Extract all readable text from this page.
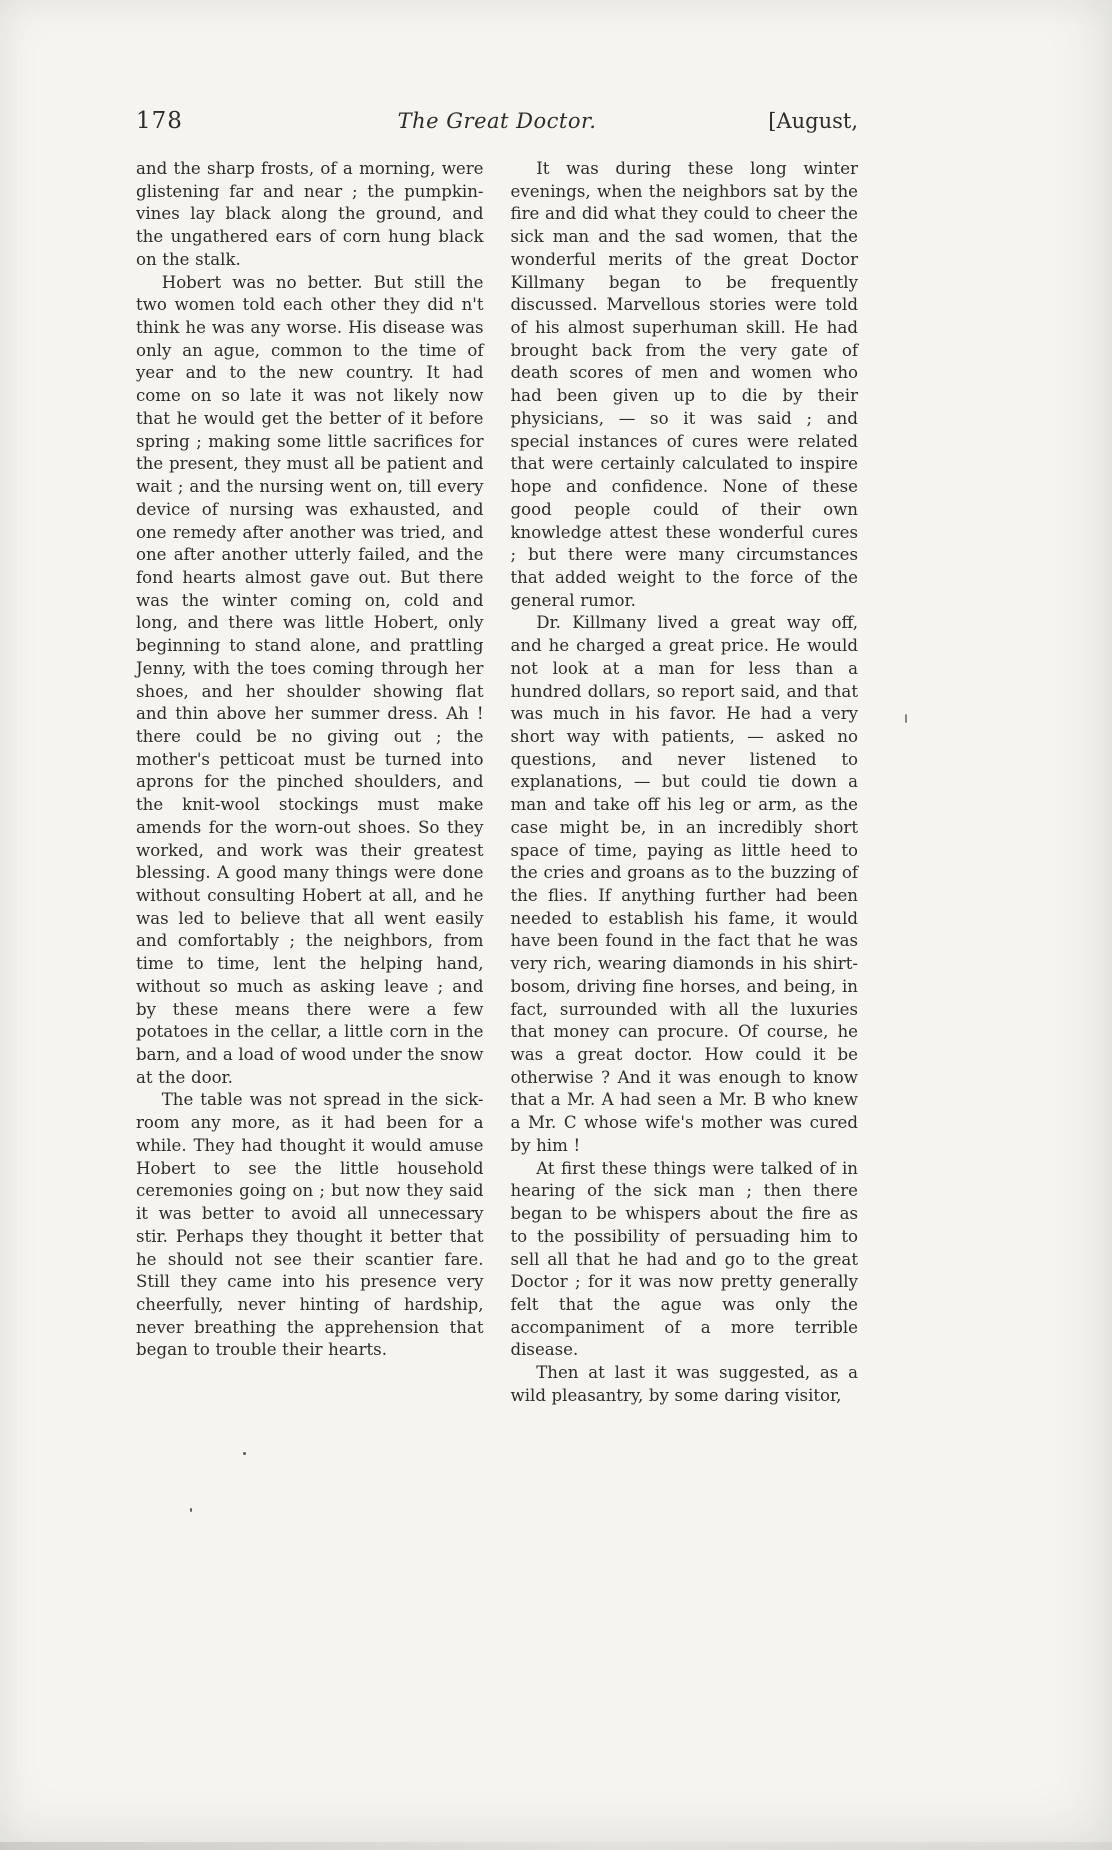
178	The Great Doctor.	[August,

and the sharp frosts, of a morning, were glistening far and near ; the pumpkin-vines lay black along the ground, and the ungathered ears of corn hung black on the stalk.

Hobert was no better. But still the two women told each other they did n't think he was any worse. His disease was only an ague, common to the time of year and to the new country. It had come on so late it was not likely now that he would get the better of it before spring ; making some little sacrifices for the present, they must all be patient and wait ; and the nursing went on, till every device of nursing was exhausted, and one remedy after another was tried, and one after another utterly failed, and the fond hearts almost gave out. But there was the winter coming on, cold and long, and there was little Hobert, only beginning to stand alone, and prattling Jenny, with the toes coming through her shoes, and her shoulder showing flat and thin above her summer dress. Ah ! there could be no giving out ; the mother's petticoat must be turned into aprons for the pinched shoulders, and the knit-wool stockings must make amends for the worn-out shoes. So they worked, and work was their greatest blessing. A good many things were done without consulting Hobert at all, and he was led to believe that all went easily and comfortably ; the neighbors, from time to time, lent the helping hand, without so much as asking leave ; and by these means there were a few potatoes in the cellar, a little corn in the barn, and a load of wood under the snow at the door.

The table was not spread in the sick-room any more, as it had been for a while. They had thought it would amuse Hobert to see the little household ceremonies going on ; but now they said it was better to avoid all unnecessary stir. Perhaps they thought it better that he should not see their scantier fare. Still they came into his presence very cheerfully, never hinting of hardship, never breathing the apprehension that began to trouble their hearts.

It was during these long winter evenings, when the neighbors sat by the fire and did what they could to cheer the sick man and the sad women, that the wonderful merits of the great Doctor Killmany began to be frequently discussed. Marvellous stories were told of his almost superhuman skill. He had brought back from the very gate of death scores of men and women who had been given up to die by their physicians, — so it was said ; and special instances of cures were related that were certainly calculated to inspire hope and confidence. None of these good people could of their own knowledge attest these wonderful cures ; but there were many circumstances that added weight to the force of the general rumor.

Dr. Killmany lived a great way off, and he charged a great price. He would not look at a man for less than a hundred dollars, so report said, and that was much in his favor. He had a very short way with patients, — asked no questions, and never listened to explanations, — but could tie down a man and take off his leg or arm, as the case might be, in an incredibly short space of time, paying as little heed to the cries and groans as to the buzzing of the flies. If anything further had been needed to establish his fame, it would have been found in the fact that he was very rich, wearing diamonds in his shirt-bosom, driving fine horses, and being, in fact, surrounded with all the luxuries that money can procure. Of course, he was a great doctor. How could it be otherwise ? And it was enough to know that a Mr. A had seen a Mr. B who knew a Mr. C whose wife's mother was cured by him !

At first these things were talked of in hearing of the sick man ; then there began to be whispers about the fire as to the possibility of persuading him to sell all that he had and go to the great Doctor ; for it was now pretty generally felt that the ague was only the accompaniment of a more terrible disease.

Then at last it was suggested, as a wild pleasantry, by some daring visitor,
